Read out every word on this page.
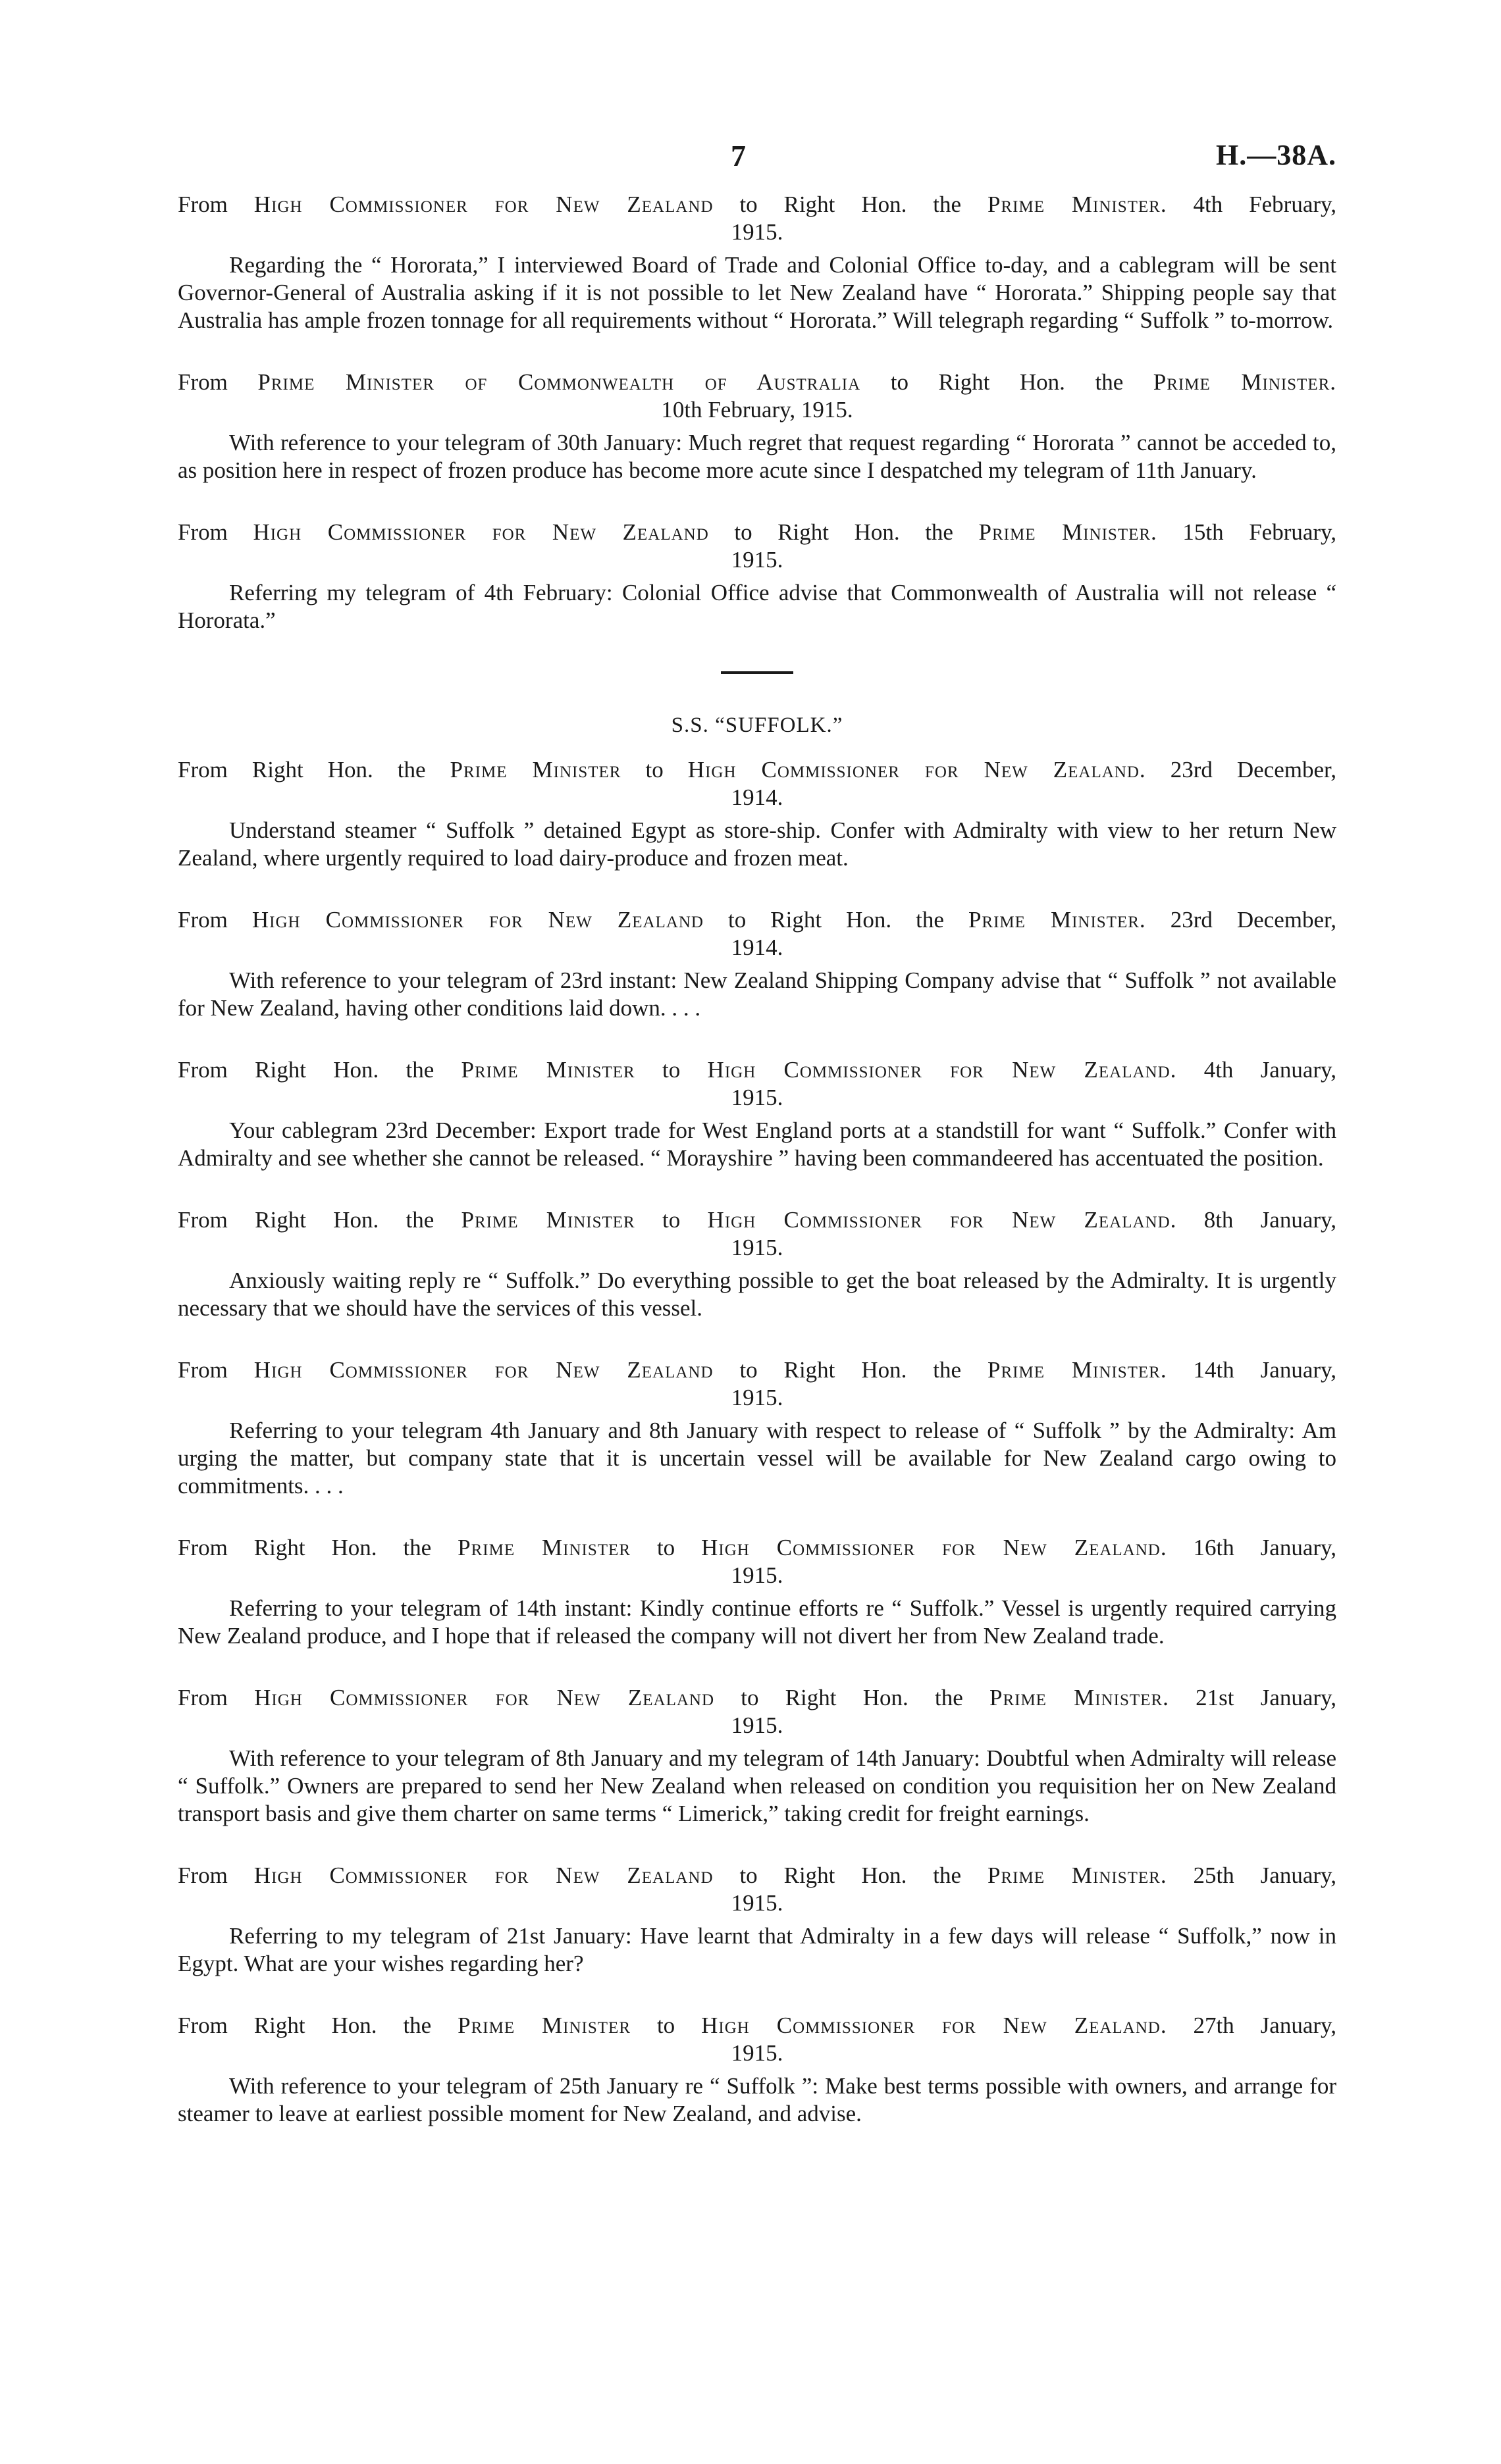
7	H.—38A.
From High Commissioner for New Zealand to Right Hon. the Prime Minister. 4th February,
1915.
Regarding the “ Hororata,” I interviewed Board of Trade and Colonial Office to-day, and a cablegram will be sent Governor-General of Australia asking if it is not possible to let New Zealand have “ Hororata.” Shipping people say that Australia has ample frozen tonnage for all requirements without “ Hororata.” Will telegraph regarding “ Suffolk ” to-morrow.
From Prime Minister of Commonwealth of Australia to Right Hon. the Prime Minister.
10th February, 1915.
With reference to your telegram of 30th January: Much regret that request regarding “ Hororata ” cannot be acceded to, as position here in respect of frozen produce has become more acute since I despatched my telegram of 11th January.
From High Commissioner for New Zealand to Right Hon. the Prime Minister. 15th February,
1915.
Referring my telegram of 4th February: Colonial Office advise that Commonwealth of Australia will not release “ Hororata.”
S.S. “SUFFOLK.”
From Right Hon. the Prime Minister to High Commissioner for New Zealand. 23rd December,
1914.
Understand steamer “ Suffolk ” detained Egypt as store-ship. Confer with Admiralty with view to her return New Zealand, where urgently required to load dairy-produce and frozen meat.
From High Commissioner for New Zealand to Right Hon. the Prime Minister. 23rd December,
1914.
With reference to your telegram of 23rd instant: New Zealand Shipping Company advise that “ Suffolk ” not available for New Zealand, having other conditions laid down. . . .
From Right Hon. the Prime Minister to High Commissioner for New Zealand. 4th January,
1915.
Your cablegram 23rd December: Export trade for West England ports at a standstill for want “ Suffolk.” Confer with Admiralty and see whether she cannot be released. “ Morayshire ” having been commandeered has accentuated the position.
From Right Hon. the Prime Minister to High Commissioner for New Zealand. 8th January,
1915.
Anxiously waiting reply re “ Suffolk.” Do everything possible to get the boat released by the Admiralty. It is urgently necessary that we should have the services of this vessel.
From High Commissioner for New Zealand to Right Hon. the Prime Minister. 14th January,
1915.
Referring to your telegram 4th January and 8th January with respect to release of “ Suffolk ” by the Admiralty: Am urging the matter, but company state that it is uncertain vessel will be available for New Zealand cargo owing to commitments. . . .
From Right Hon. the Prime Minister to High Commissioner for New Zealand. 16th January,
1915.
Referring to your telegram of 14th instant: Kindly continue efforts re “ Suffolk.” Vessel is urgently required carrying New Zealand produce, and I hope that if released the company will not divert her from New Zealand trade.
From High Commissioner for New Zealand to Right Hon. the Prime Minister. 21st January,
1915.
With reference to your telegram of 8th January and my telegram of 14th January: Doubtful when Admiralty will release “ Suffolk.” Owners are prepared to send her New Zealand when released on condition you requisition her on New Zealand transport basis and give them charter on same terms “ Limerick,” taking credit for freight earnings.
From High Commissioner for New Zealand to Right Hon. the Prime Minister. 25th January,
1915.
Referring to my telegram of 21st January: Have learnt that Admiralty in a few days will release “ Suffolk,” now in Egypt. What are your wishes regarding her?
From Right Hon. the Prime Minister to High Commissioner for New Zealand. 27th January,
1915.
With reference to your telegram of 25th January re “ Suffolk ”: Make best terms possible with owners, and arrange for steamer to leave at earliest possible moment for New Zealand, and advise.
